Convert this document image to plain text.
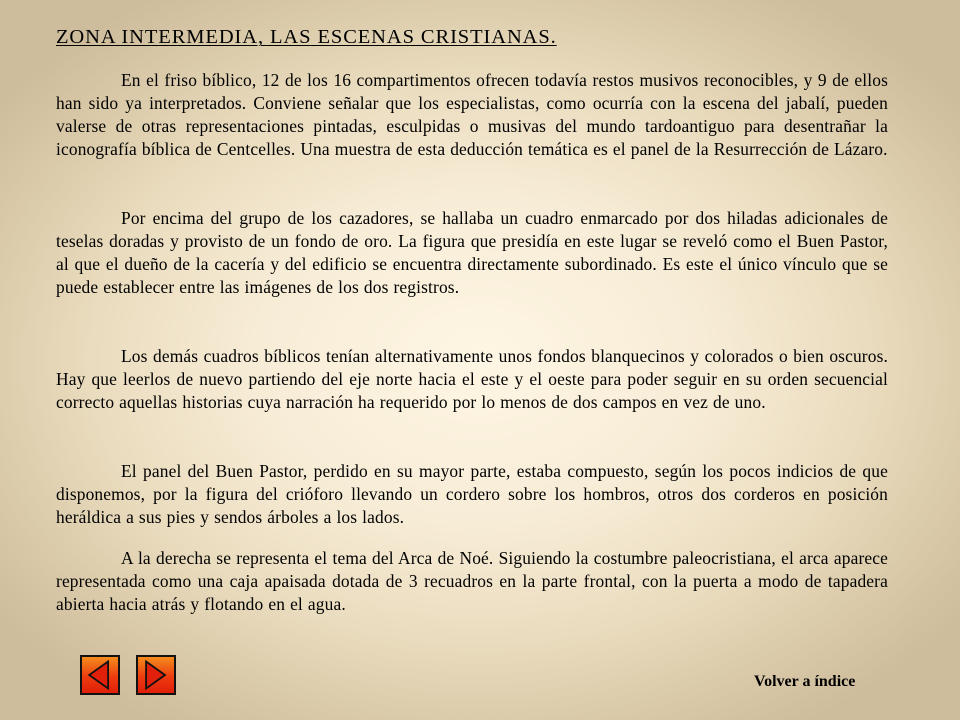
ZONA INTERMEDIA, LAS ESCENAS CRISTIANAS.

En el friso bíblico, 12 de los 16 compartimentos ofrecen todavía restos musivos reconocibles, y 9 de ellos han sido ya interpretados. Conviene señalar que los especialistas, como ocurría con la escena del jabalí, pueden valerse de otras representaciones pintadas, esculpidas o musivas del mundo tardoantiguo para desentrañar la iconografía bíblica de Centcelles. Una muestra de esta deducción temática es el panel de la Resurrección de Lázaro.

Por encima del grupo de los cazadores, se hallaba un cuadro enmarcado por dos hiladas adicionales de teselas doradas y provisto de un fondo de oro. La figura que presidía en este lugar se reveló como el Buen Pastor, al que el dueño de la cacería y del edificio se encuentra directamente subordinado. Es este el único vínculo que se puede establecer entre las imágenes de los dos registros.

Los demás cuadros bíblicos tenían alternativamente unos fondos blanquecinos y colorados o bien oscuros. Hay que leerlos de nuevo partiendo del eje norte hacia el este y el oeste para poder seguir en su orden secuencial correcto aquellas historias cuya narración ha requerido por lo menos de dos campos en vez de uno.

El panel del Buen Pastor, perdido en su mayor parte, estaba compuesto, según los pocos indicios de que disponemos, por la figura del crióforo llevando un cordero sobre los hombros, otros dos corderos en posición heráldica a sus pies y sendos árboles a los lados.

A la derecha se representa el tema del Arca de Noé. Siguiendo la costumbre paleocristiana, el arca aparece representada como una caja apaisada dotada de 3 recuadros en la parte frontal, con la puerta a modo de tapadera abierta hacia atrás y flotando en el agua.

Volver a índice
